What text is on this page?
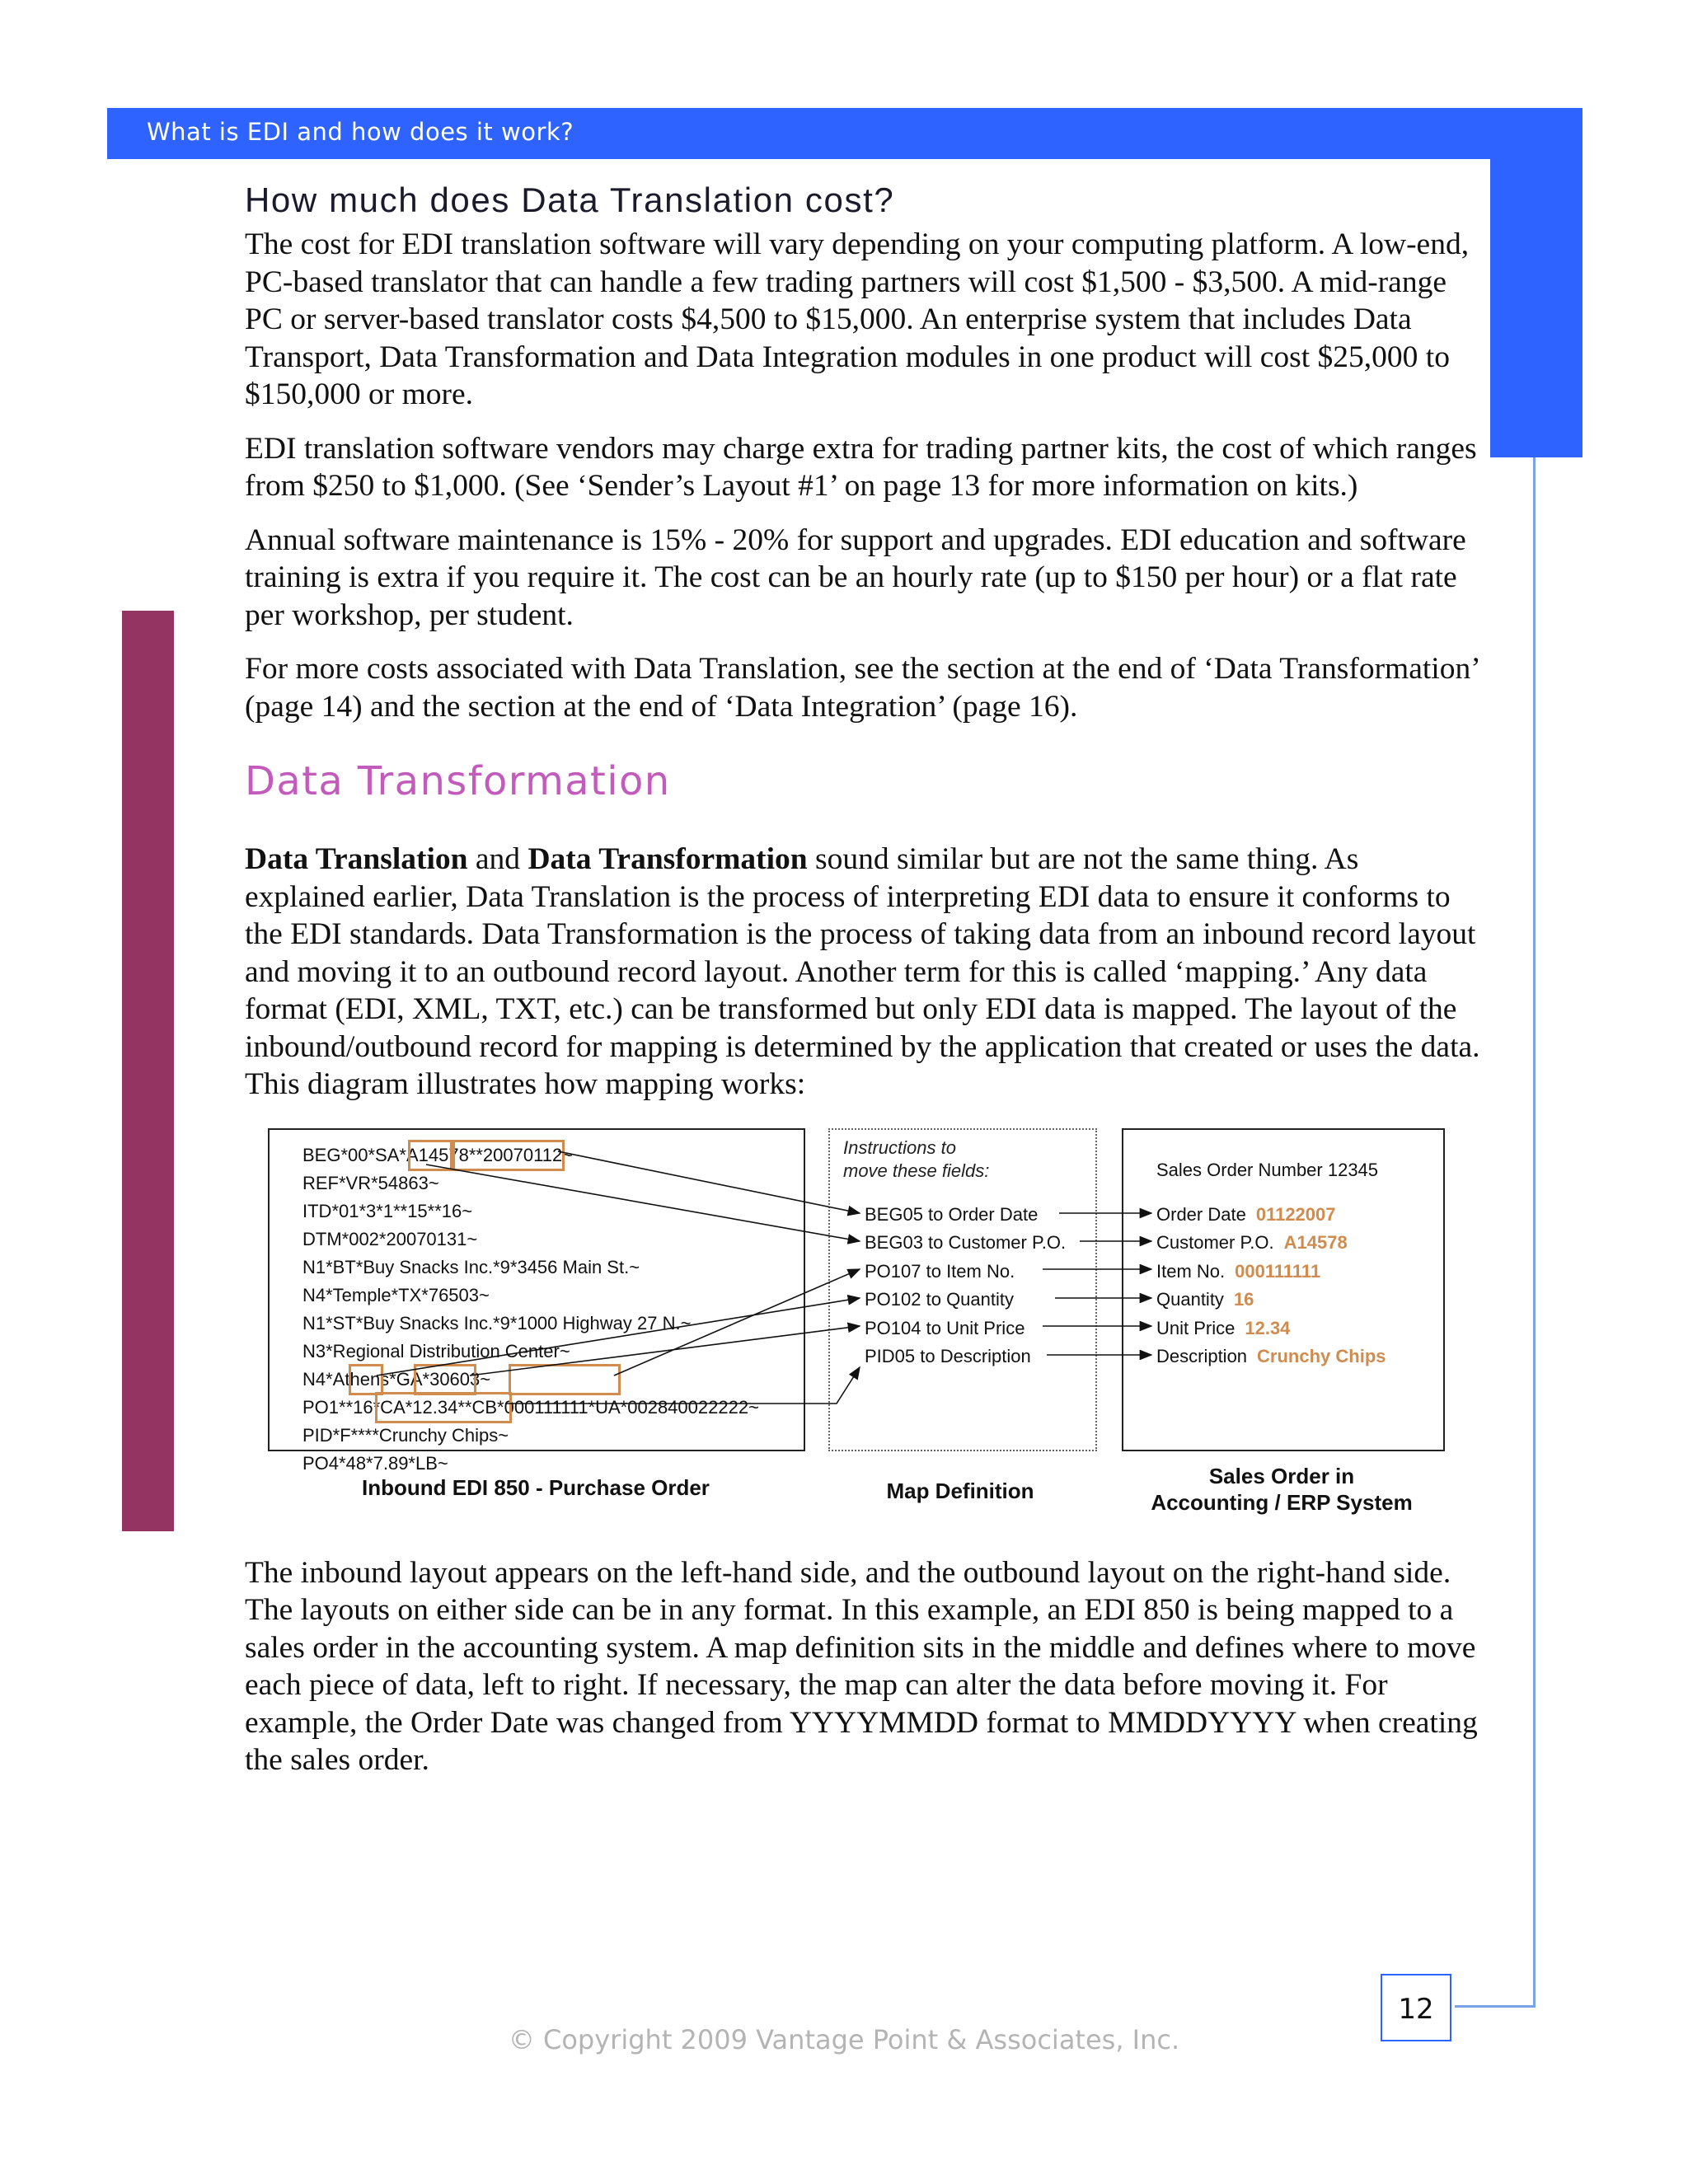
What is EDI and how does it work?
How much does Data Translation cost?

The cost for EDI translation software will vary depending on your computing platform. A low-end, PC-based translator that can handle a few trading partners will cost $1,500 - $3,500. A mid-range PC or server-based translator costs $4,500 to $15,000. An enterprise system that includes Data Transport, Data Transformation and Data Integration modules in one product will cost $25,000 to $150,000 or more.

EDI translation software vendors may charge extra for trading partner kits, the cost of which ranges from $250 to $1,000. (See ‘Sender’s Layout #1’ on page 13 for more information on kits.)

Annual software maintenance is 15% - 20% for support and upgrades. EDI education and software training is extra if you require it. The cost can be an hourly rate (up to $150 per hour) or a flat rate per workshop, per student.

For more costs associated with Data Translation, see the section at the end of ‘Data Transformation’ (page 14) and the section at the end of ‘Data Integration’ (page 16).

Data Transformation

Data Translation and Data Transformation sound similar but are not the same thing. As explained earlier, Data Translation is the process of interpreting EDI data to ensure it conforms to the EDI standards. Data Transformation is the process of taking data from an inbound record layout and moving it to an outbound record layout. Another term for this is called ‘mapping.’ Any data format (EDI, XML, TXT, etc.) can be transformed but only EDI data is mapped. The layout of the inbound/outbound record for mapping is determined by the application that created or uses the data. This diagram illustrates how mapping works:

BEG*00*SA*A14578**20070112~
REF*VR*54863~
ITD*01*3*1**15**16~
DTM*002*20070131~
N1*BT*Buy Snacks Inc.*9*3456 Main St.~
N4*Temple*TX*76503~
N1*ST*Buy Snacks Inc.*9*1000 Highway 27 N.~
N3*Regional Distribution Center~
N4*Athens*GA*30603~
PO1**16*CA*12.34**CB*000111111*UA*002840022222~
PID*F****Crunchy Chips~
PO4*48*7.89*LB~
Instructions to
move these fields:
BEG05 to Order Date
BEG03 to Customer P.O.
PO107 to Item No.
PO102 to Quantity
PO104 to Unit Price
PID05 to Description
Sales Order Number 12345
Order Date 01122007
Customer P.O. A14578
Item No. 000111111
Quantity 16
Unit Price 12.34
Description Crunchy Chips
Inbound EDI 850 - Purchase Order	Map Definition
Sales Order in
Accounting / ERP System

The inbound layout appears on the left-hand side, and the outbound layout on the right-hand side. The layouts on either side can be in any format. In this example, an EDI 850 is being mapped to a sales order in the accounting system. A map definition sits in the middle and defines where to move each piece of data, left to right. If necessary, the map can alter the data before moving it. For example, the Order Date was changed from YYYYMMDD format to MMDDYYYY when creating the sales order.

12
© Copyright 2009 Vantage Point & Associates, Inc.
